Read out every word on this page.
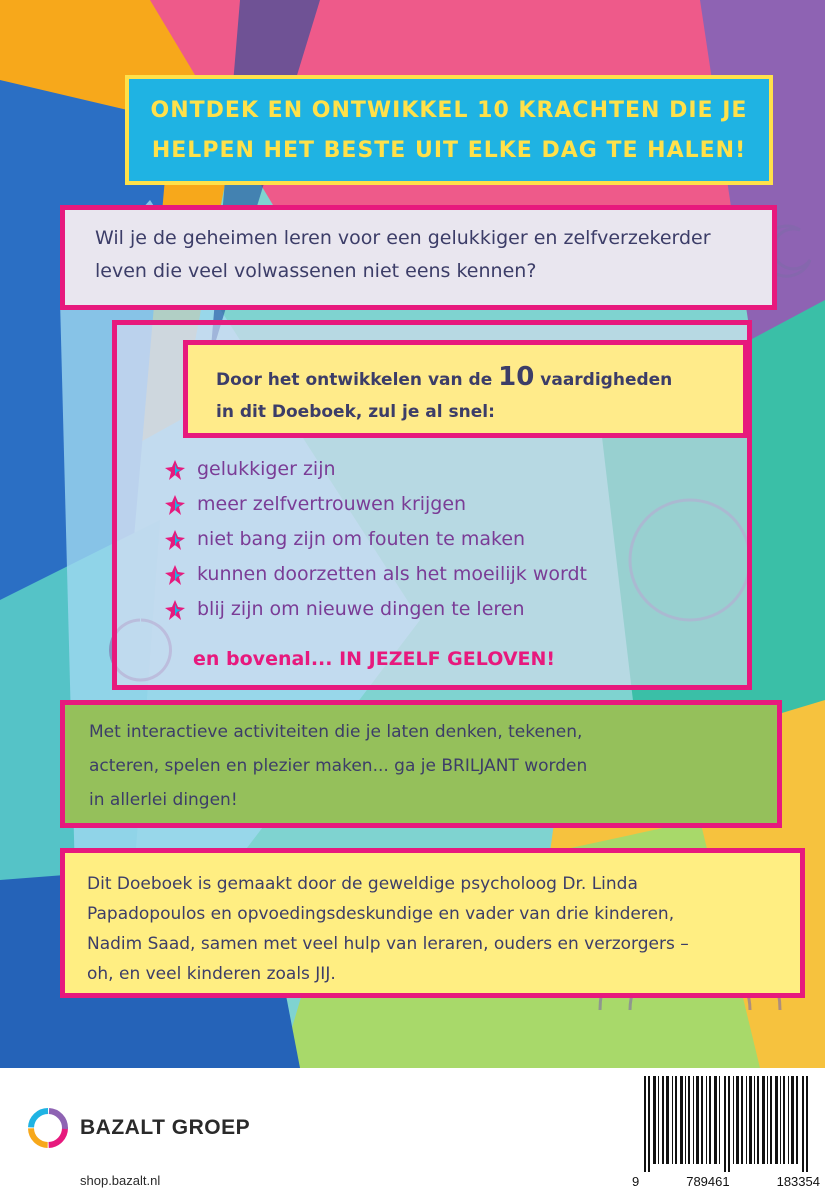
ONTDEK EN ONTWIKKEL 10 KRACHTEN DIE JE
HELPEN HET BESTE UIT ELKE DAG TE HALEN!
Wil je de geheimen leren voor een gelukkiger en zelfverzekerder
leven die veel volwassenen niet eens kennen?
Door het ontwikkelen van de 10 vaardigheden
in dit Doeboek, zul je al snel:
gelukkiger zijn
meer zelfvertrouwen krijgen
niet bang zijn om fouten te maken
kunnen doorzetten als het moeilijk wordt
blij zijn om nieuwe dingen te leren
en bovenal... IN JEZELF GELOVEN!
Met interactieve activiteiten die je laten denken, tekenen,
acteren, spelen en plezier maken... ga je BRILJANT worden
in allerlei dingen!
Dit Doeboek is gemaakt door de geweldige psycholoog Dr. Linda
Papadopoulos en opvoedingsdeskundige en vader van drie kinderen,
Nadim Saad, samen met veel hulp van leraren, ouders en verzorgers –
oh, en veel kinderen zoals JIJ.
BAZALT GROEP
shop.bazalt.nl	9	789461	183354
